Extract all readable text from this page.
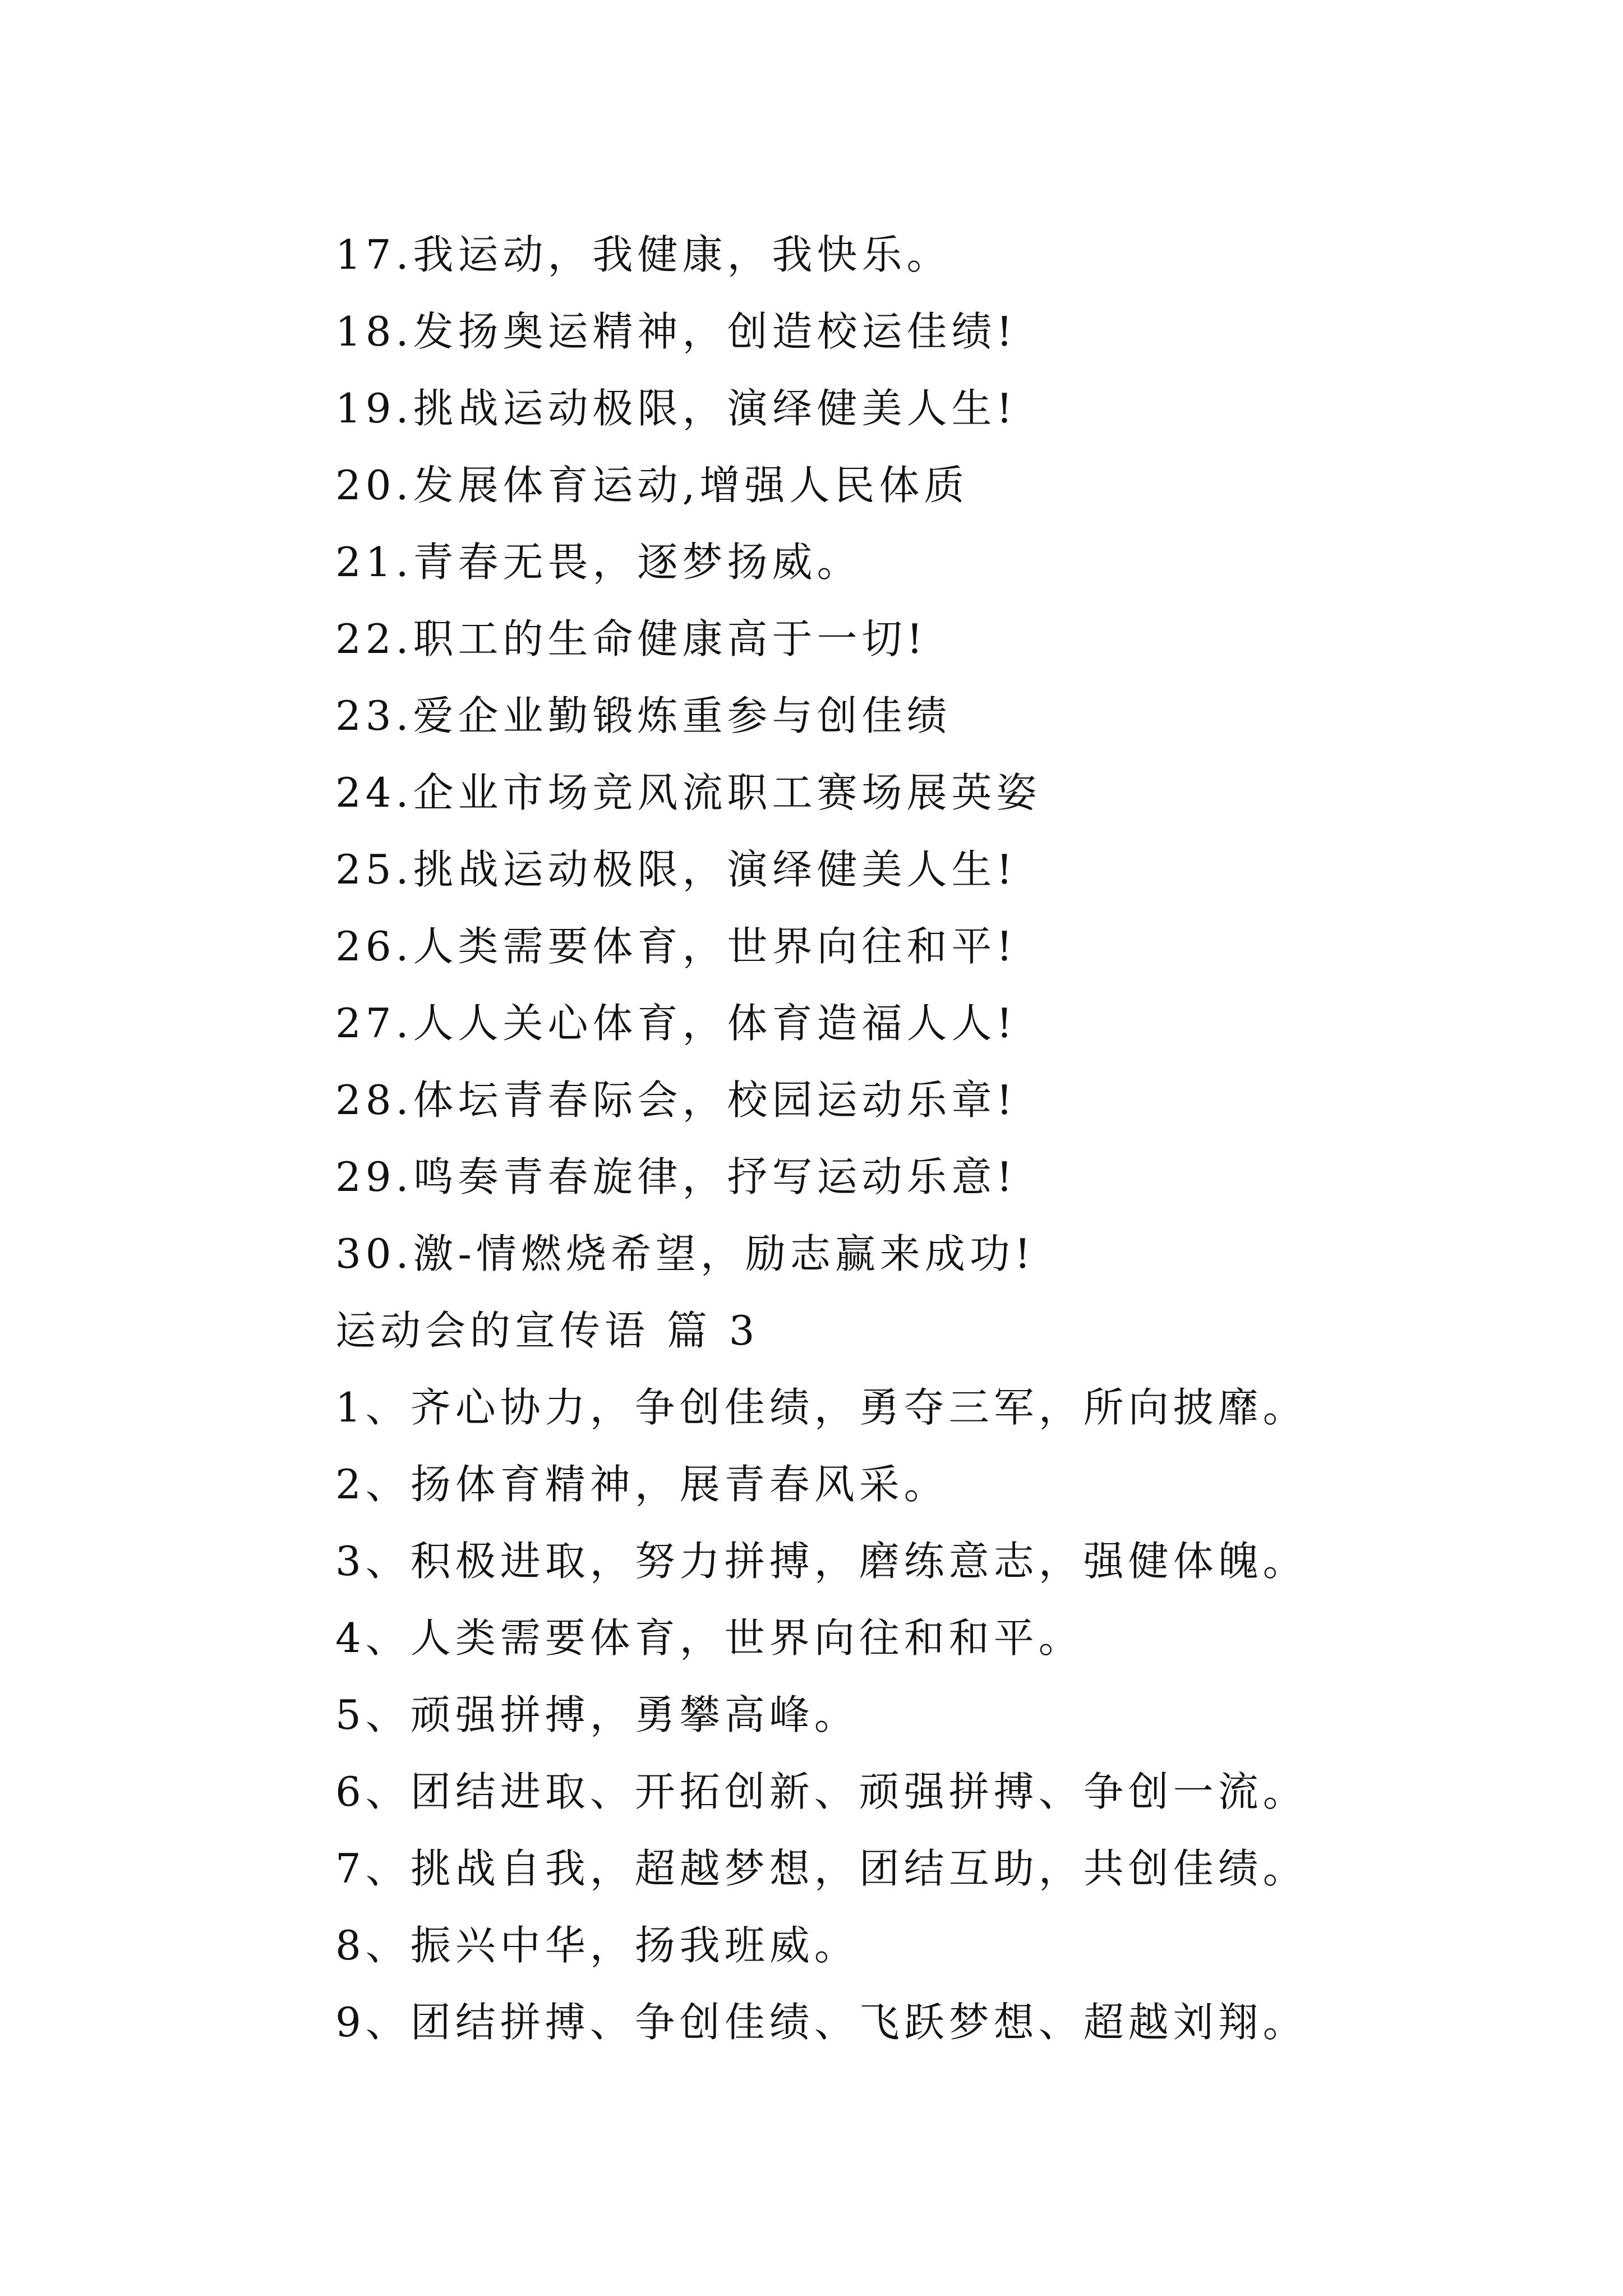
17.我运动，我健康，我快乐。
18.发扬奥运精神，创造校运佳绩!
19.挑战运动极限，演绎健美人生!
20.发展体育运动,增强人民体质
21.青春无畏，逐梦扬威。
22.职工的生命健康高于一切!
23.爱企业勤锻炼重参与创佳绩
24.企业市场竞风流职工赛场展英姿
25.挑战运动极限，演绎健美人生!
26.人类需要体育，世界向往和平!
27.人人关心体育，体育造福人人!
28.体坛青春际会，校园运动乐章!
29.鸣奏青春旋律，抒写运动乐意!
30.激-情燃烧希望，励志赢来成功!
运动会的宣传语 篇 3
1、齐心协力，争创佳绩，勇夺三军，所向披靡。
2、扬体育精神，展青春风采。
3、积极进取，努力拼搏，磨练意志，强健体魄。
4、人类需要体育，世界向往和和平。
5、顽强拼搏，勇攀高峰。
6、团结进取、开拓创新、顽强拼搏、争创一流。
7、挑战自我，超越梦想，团结互助，共创佳绩。
8、振兴中华，扬我班威。
9、团结拼搏、争创佳绩、飞跃梦想、超越刘翔。
